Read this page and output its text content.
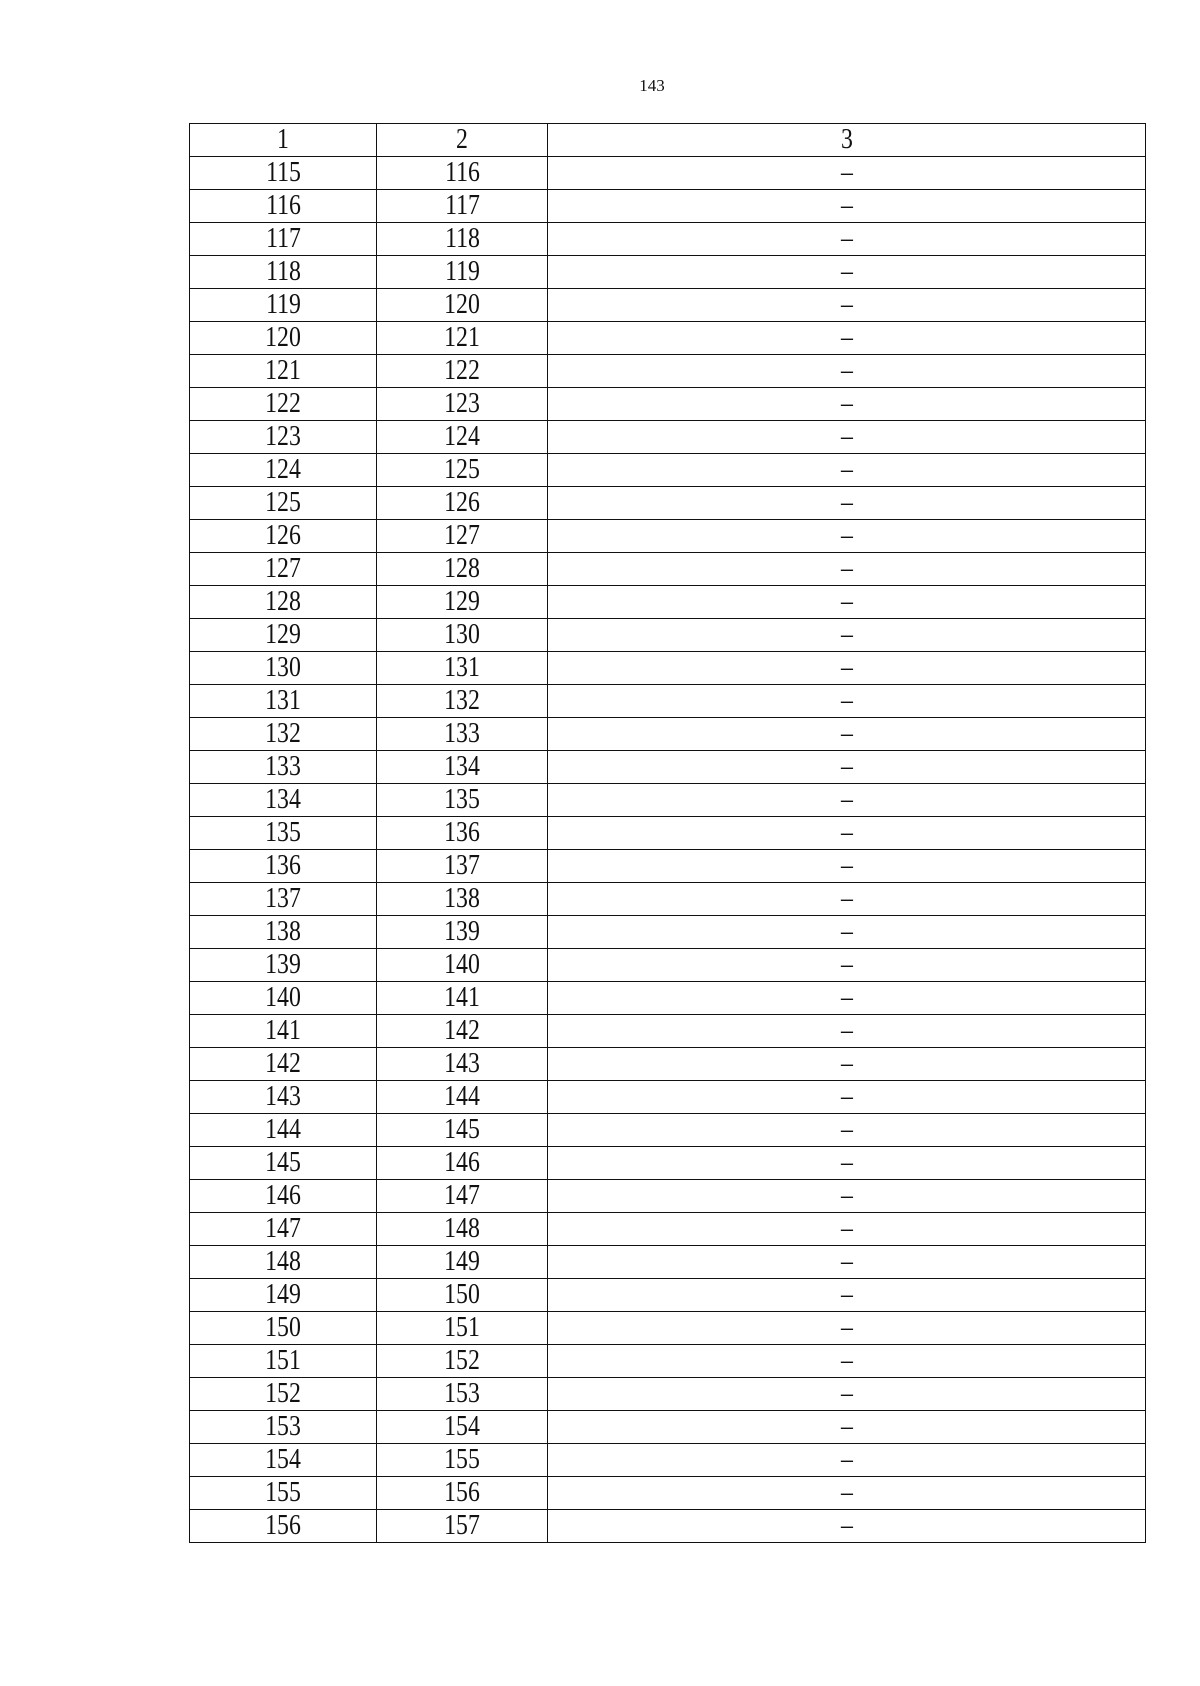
143
1	2	3
115	116	–
116	117	–
117	118	–
118	119	–
119	120	–
120	121	–
121	122	–
122	123	–
123	124	–
124	125	–
125	126	–
126	127	–
127	128	–
128	129	–
129	130	–
130	131	–
131	132	–
132	133	–
133	134	–
134	135	–
135	136	–
136	137	–
137	138	–
138	139	–
139	140	–
140	141	–
141	142	–
142	143	–
143	144	–
144	145	–
145	146	–
146	147	–
147	148	–
148	149	–
149	150	–
150	151	–
151	152	–
152	153	–
153	154	–
154	155	–
155	156	–
156	157	–
